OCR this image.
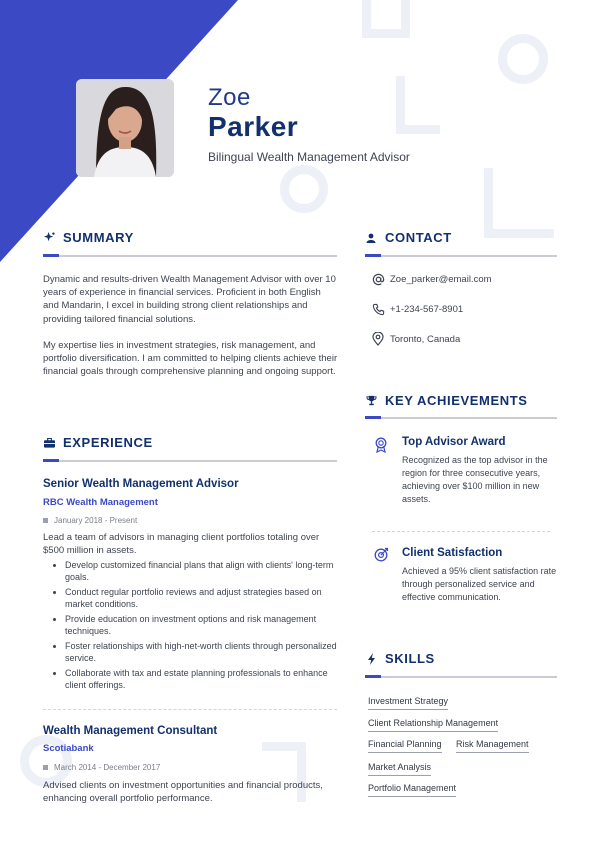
Zoe
Parker
Bilingual Wealth Management Advisor
SUMMARY
Dynamic and results-driven Wealth Management Advisor with over 10 years of experience in financial services. Proficient in both English and Mandarin, I excel in building strong client relationships and providing tailored financial solutions.
My expertise lies in investment strategies, risk management, and portfolio diversification. I am committed to helping clients achieve their financial goals through comprehensive planning and ongoing support.
EXPERIENCE
Senior Wealth Management Advisor
RBC Wealth Management
January 2018 - Present
Lead a team of advisors in managing client portfolios totaling over $500 million in assets.
Develop customized financial plans that align with clients' long-term goals.
Conduct regular portfolio reviews and adjust strategies based on market conditions.
Provide education on investment options and risk management techniques.
Foster relationships with high-net-worth clients through personalized service.
Collaborate with tax and estate planning professionals to enhance client offerings.
Wealth Management Consultant
Scotiabank
March 2014 - December 2017
Advised clients on investment opportunities and financial products, enhancing overall portfolio performance.
CONTACT
Zoe_parker@email.com
+1-234-567-8901
Toronto, Canada
KEY ACHIEVEMENTS
Top Advisor Award
Recognized as the top advisor in the region for three consecutive years, achieving over $100 million in new assets.
Client Satisfaction
Achieved a 95% client satisfaction rate through personalized service and effective communication.
SKILLS
Investment Strategy
Client Relationship Management
Financial Planning Risk Management
Market Analysis
Portfolio Management
